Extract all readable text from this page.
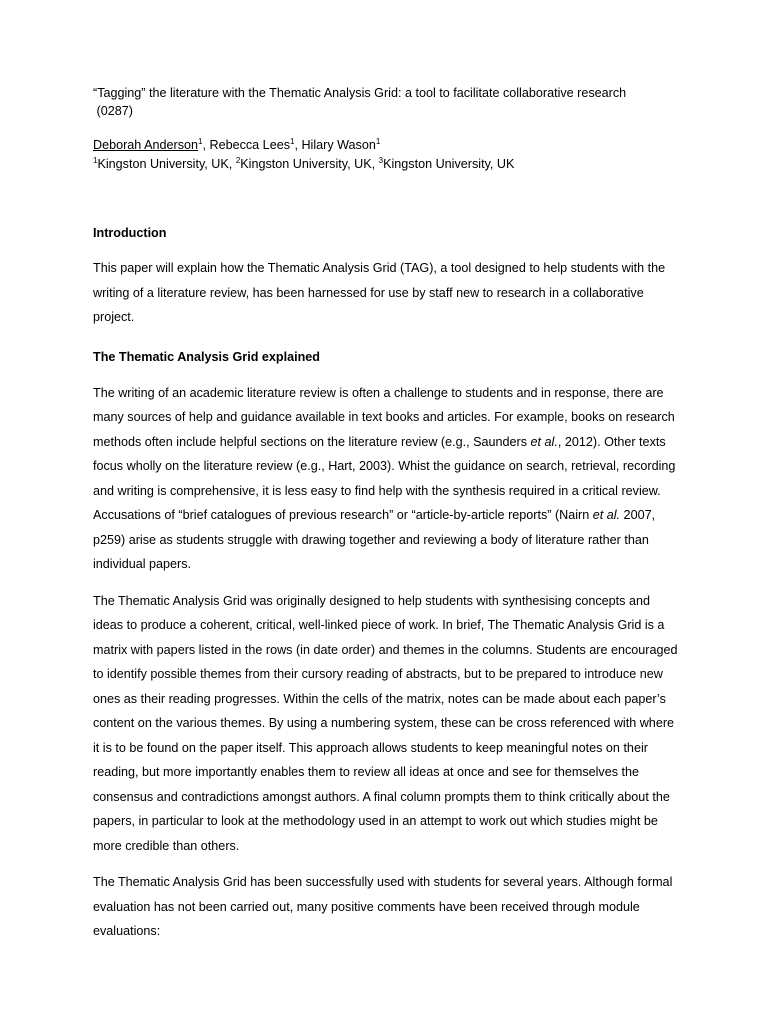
“Tagging” the literature with the Thematic Analysis Grid: a tool to facilitate collaborative research
(0287)
Deborah Anderson$^1$, Rebecca Lees$^1$, Hilary Wason$^1$
$^1$Kingston University, UK, $^2$Kingston University, UK, $^3$Kingston University, UK
Introduction

This paper will explain how the Thematic Analysis Grid (TAG), a tool designed to help students with the writing of a literature review, has been harnessed for use by staff new to research in a collaborative project.

The Thematic Analysis Grid explained

The writing of an academic literature review is often a challenge to students and in response, there are many sources of help and guidance available in text books and articles. For example, books on research methods often include helpful sections on the literature review (e.g., Saunders et al., 2012). Other texts focus wholly on the literature review (e.g., Hart, 2003). Whist the guidance on search, retrieval, recording and writing is comprehensive, it is less easy to find help with the synthesis required in a critical review. Accusations of “brief catalogues of previous research” or “article-by-article reports” (Nairn et al. 2007, p259) arise as students struggle with drawing together and reviewing a body of literature rather than individual papers.

The Thematic Analysis Grid was originally designed to help students with synthesising concepts and ideas to produce a coherent, critical, well-linked piece of work. In brief, The Thematic Analysis Grid is a matrix with papers listed in the rows (in date order) and themes in the columns. Students are encouraged to identify possible themes from their cursory reading of abstracts, but to be prepared to introduce new ones as their reading progresses. Within the cells of the matrix, notes can be made about each paper’s content on the various themes. By using a numbering system, these can be cross referenced with where it is to be found on the paper itself. This approach allows students to keep meaningful notes on their reading, but more importantly enables them to review all ideas at once and see for themselves the consensus and contradictions amongst authors. A final column prompts them to think critically about the papers, in particular to look at the methodology used in an attempt to work out which studies might be more credible than others.

The Thematic Analysis Grid has been successfully used with students for several years. Although formal evaluation has not been carried out, many positive comments have been received through module evaluations:
